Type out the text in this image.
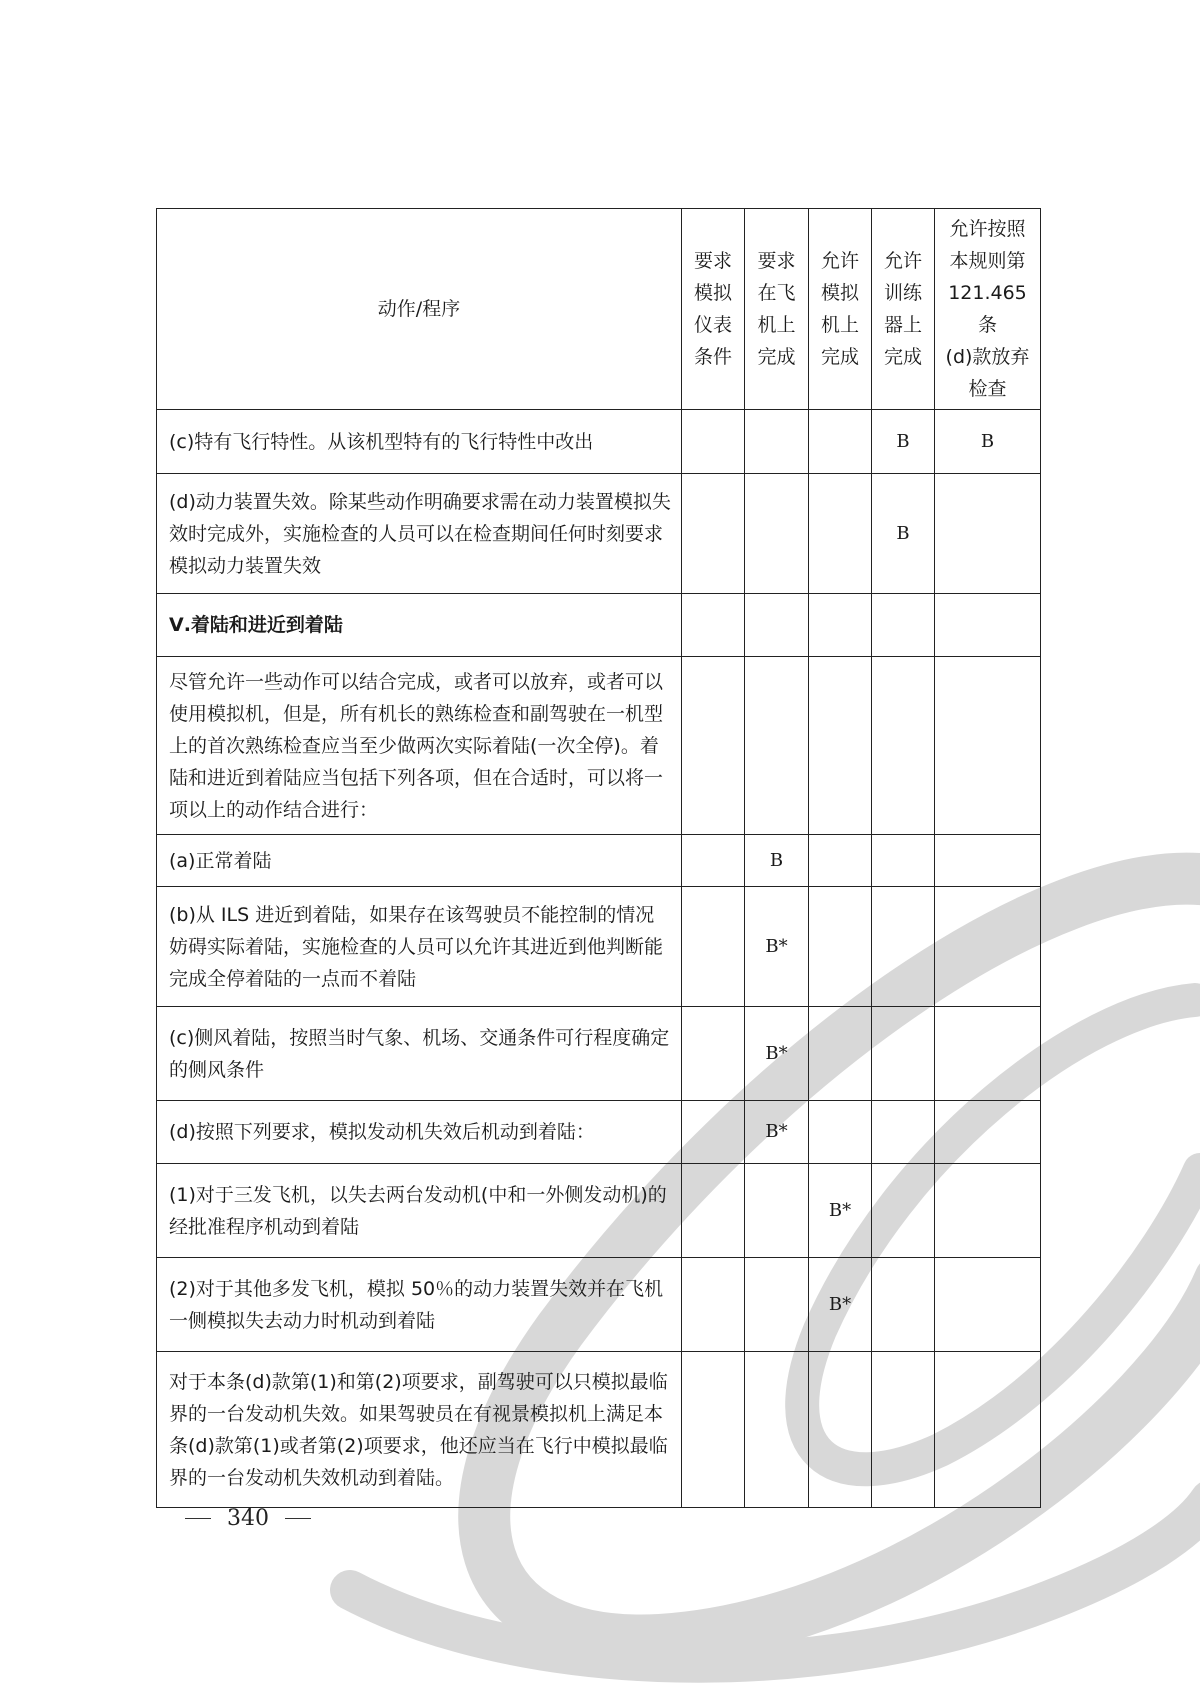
动作/程序	要求
模拟
仪表
条件	要求
在飞
机上
完成	允许
模拟
机上
完成	允许
训练
器上
完成	允许按照
本规则第
121.465 条
(d)款放弃
检查

(c)特有飞行特性。从该机型特有的飞行特性中改出				B	B
(d)动力装置失效。除某些动作明确要求需在动力装置模拟失效时完成外，实施检查的人员可以在检查期间任何时刻要求模拟动力装置失效				B	
Ⅴ.着陆和进近到着陆					
尽管允许一些动作可以结合完成，或者可以放弃，或者可以使用模拟机，但是，所有机长的熟练检查和副驾驶在一机型上的首次熟练检查应当至少做两次实际着陆(一次全停)。着陆和进近到着陆应当包括下列各项，但在合适时，可以将一项以上的动作结合进行：					
(a)正常着陆		B			
(b)从 ILS 进近到着陆，如果存在该驾驶员不能控制的情况妨碍实际着陆，实施检查的人员可以允许其进近到他判断能完成全停着陆的一点而不着陆		B*			
(c)侧风着陆，按照当时气象、机场、交通条件可行程度确定的侧风条件		B*			
(d)按照下列要求，模拟发动机失效后机动到着陆：		B*			
(1)对于三发飞机，以失去两台发动机(中和一外侧发动机)的经批准程序机动到着陆			B*		
(2)对于其他多发飞机，模拟 50％的动力装置失效并在飞机一侧模拟失去动力时机动到着陆			B*		
对于本条(d)款第(1)和第(2)项要求，副驾驶可以只模拟最临界的一台发动机失效。如果驾驶员在有视景模拟机上满足本条(d)款第(1)或者第(2)项要求，他还应当在飞行中模拟最临界的一台发动机失效机动到着陆。					
340
